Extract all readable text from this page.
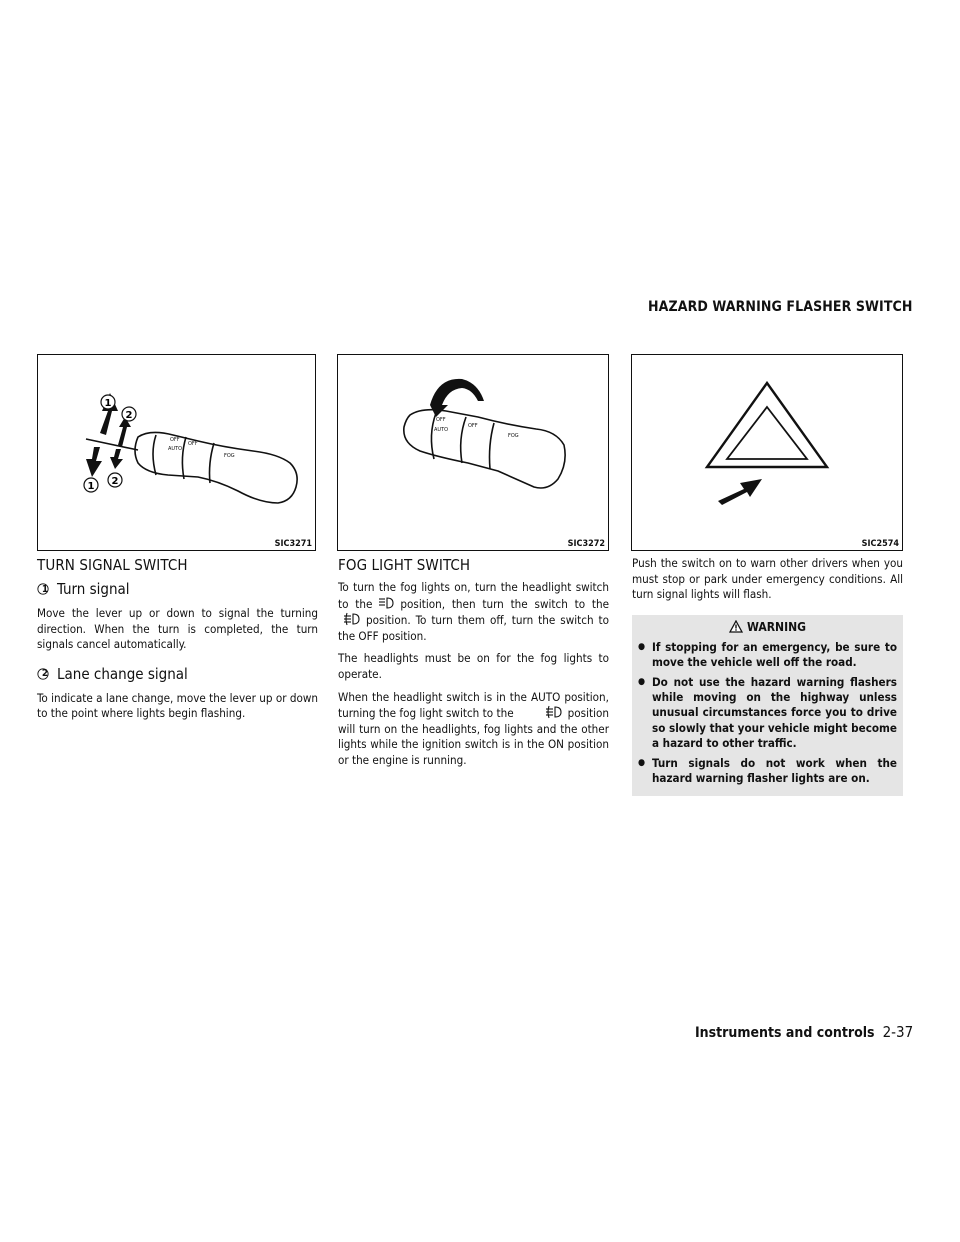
HAZARD WARNING FLASHER SWITCH
OFF
AUTO
OFF
FOG
1
2
1 2
SIC3271
OFF
AUTO
OFF
FOG
SIC3272	SIC2574
TURN SIGNAL SWITCH
1 Turn signal

Move the lever up or down to signal the turning direction. When the turn is completed, the turn signals cancel automatically.

2 Lane change signal

To indicate a lane change, move the lever up or down to the point where lights begin flashing.

FOG LIGHT SWITCH

To turn the fog lights on, turn the headlight switch to the position, then turn the switch to theposition. To turn them off, turn the switch to the OFF position.

The headlights must be on for the fog lights to operate.

When the headlight switch is in the AUTO position, turning the fog light switch to the	position will turn on the headlights, fog lights and the other lights while the ignition switch is in the ON position or the engine is running.

Push the switch on to warn other drivers when you must stop or park under emergency conditions. All turn signal lights will flash.

WARNING
● If stopping for an emergency, be sure to move the vehicle well off the road.
● Do not use the hazard warning flashers while moving on the highway unless unusual circumstances force you to drive so slowly that your vehicle might become a hazard to other traffic.
● Turn signals do not work when the hazard warning flasher lights are on.
Instruments and controls 2-37
